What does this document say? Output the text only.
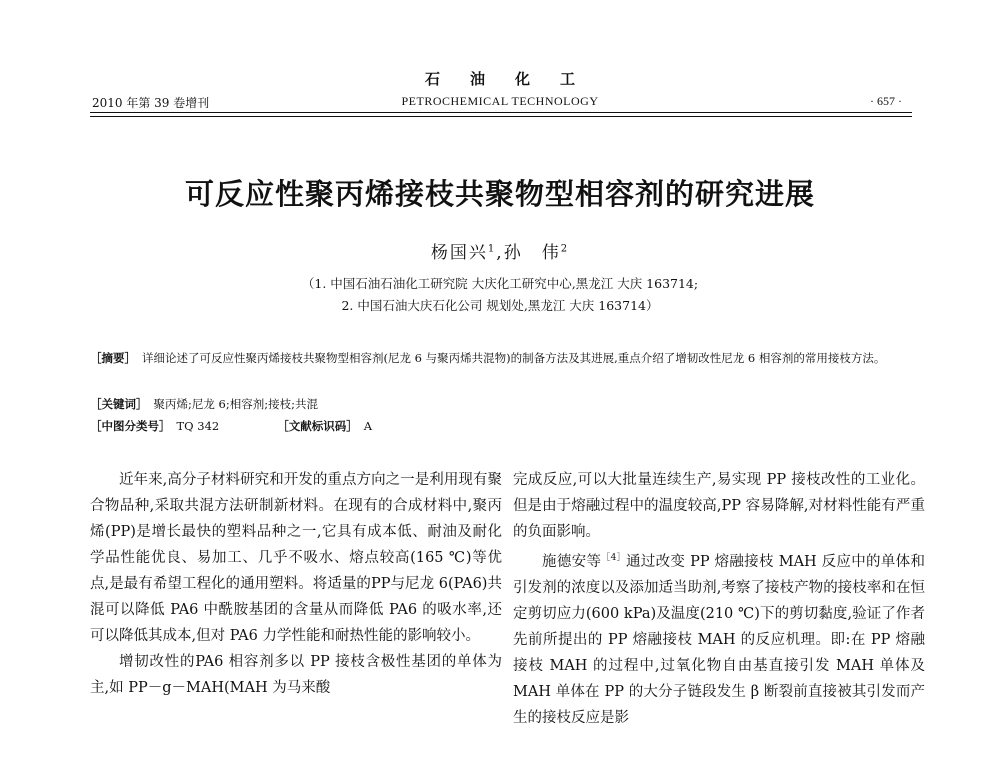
石油化工
2010 年第 39 卷增刊	PETROCHEMICAL TECHNOLOGY	· 657 ·
可反应性聚丙烯接枝共聚物型相容剂的研究进展
杨国兴$^1$,孙　伟$^2$
（1. 中国石油石油化工研究院 大庆化工研究中心,黑龙江 大庆 163714;
2. 中国石油大庆石化公司 规划处,黑龙江 大庆 163714）
［摘要］ 详细论述了可反应性聚丙烯接枝共聚物型相容剂(尼龙 6 与聚丙烯共混物)的制备方法及其进展,重点介绍了增韧改性尼龙 6 相容剂的常用接枝方法。
［关键词］ 聚丙烯;尼龙 6;相容剂;接枝;共混
［中图分类号］ TQ 342	［文献标识码］ A

近年来,高分子材料研究和开发的重点方向之一是利用现有聚合物品种,采取共混方法研制新材料。在现有的合成材料中,聚丙烯(PP)是增长最快的塑料品种之一,它具有成本低、耐油及耐化学品性能优良、易加工、几乎不吸水、熔点较高(165 ℃)等优点,是最有希望工程化的通用塑料。将适量的PP与尼龙 6(PA6)共混可以降低 PA6 中酰胺基团的含量从而降低 PA6 的吸水率,还可以降低其成本,但对 PA6 力学性能和耐热性能的影响较小。

增韧改性的PA6 相容剂多以 PP 接枝含极性基团的单体为主,如 PP－g－MAH(MAH 为马来酸

完成反应,可以大批量连续生产,易实现 PP 接枝改性的工业化。但是由于熔融过程中的温度较高,PP 容易降解,对材料性能有严重的负面影响。

施德安等$^{[4]}$通过改变 PP 熔融接枝 MAH 反应中的单体和引发剂的浓度以及添加适当助剂,考察了接枝产物的接枝率和在恒定剪切应力(600 kPa)及温度(210 ℃)下的剪切黏度,验证了作者先前所提出的 PP 熔融接枝 MAH 的反应机理。即:在 PP 熔融接枝 MAH 的过程中,过氧化物自由基直接引发 MAH 单体及 MAH 单体在 PP 的大分子链段发生 β 断裂前直接被其引发而产生的接枝反应是影
